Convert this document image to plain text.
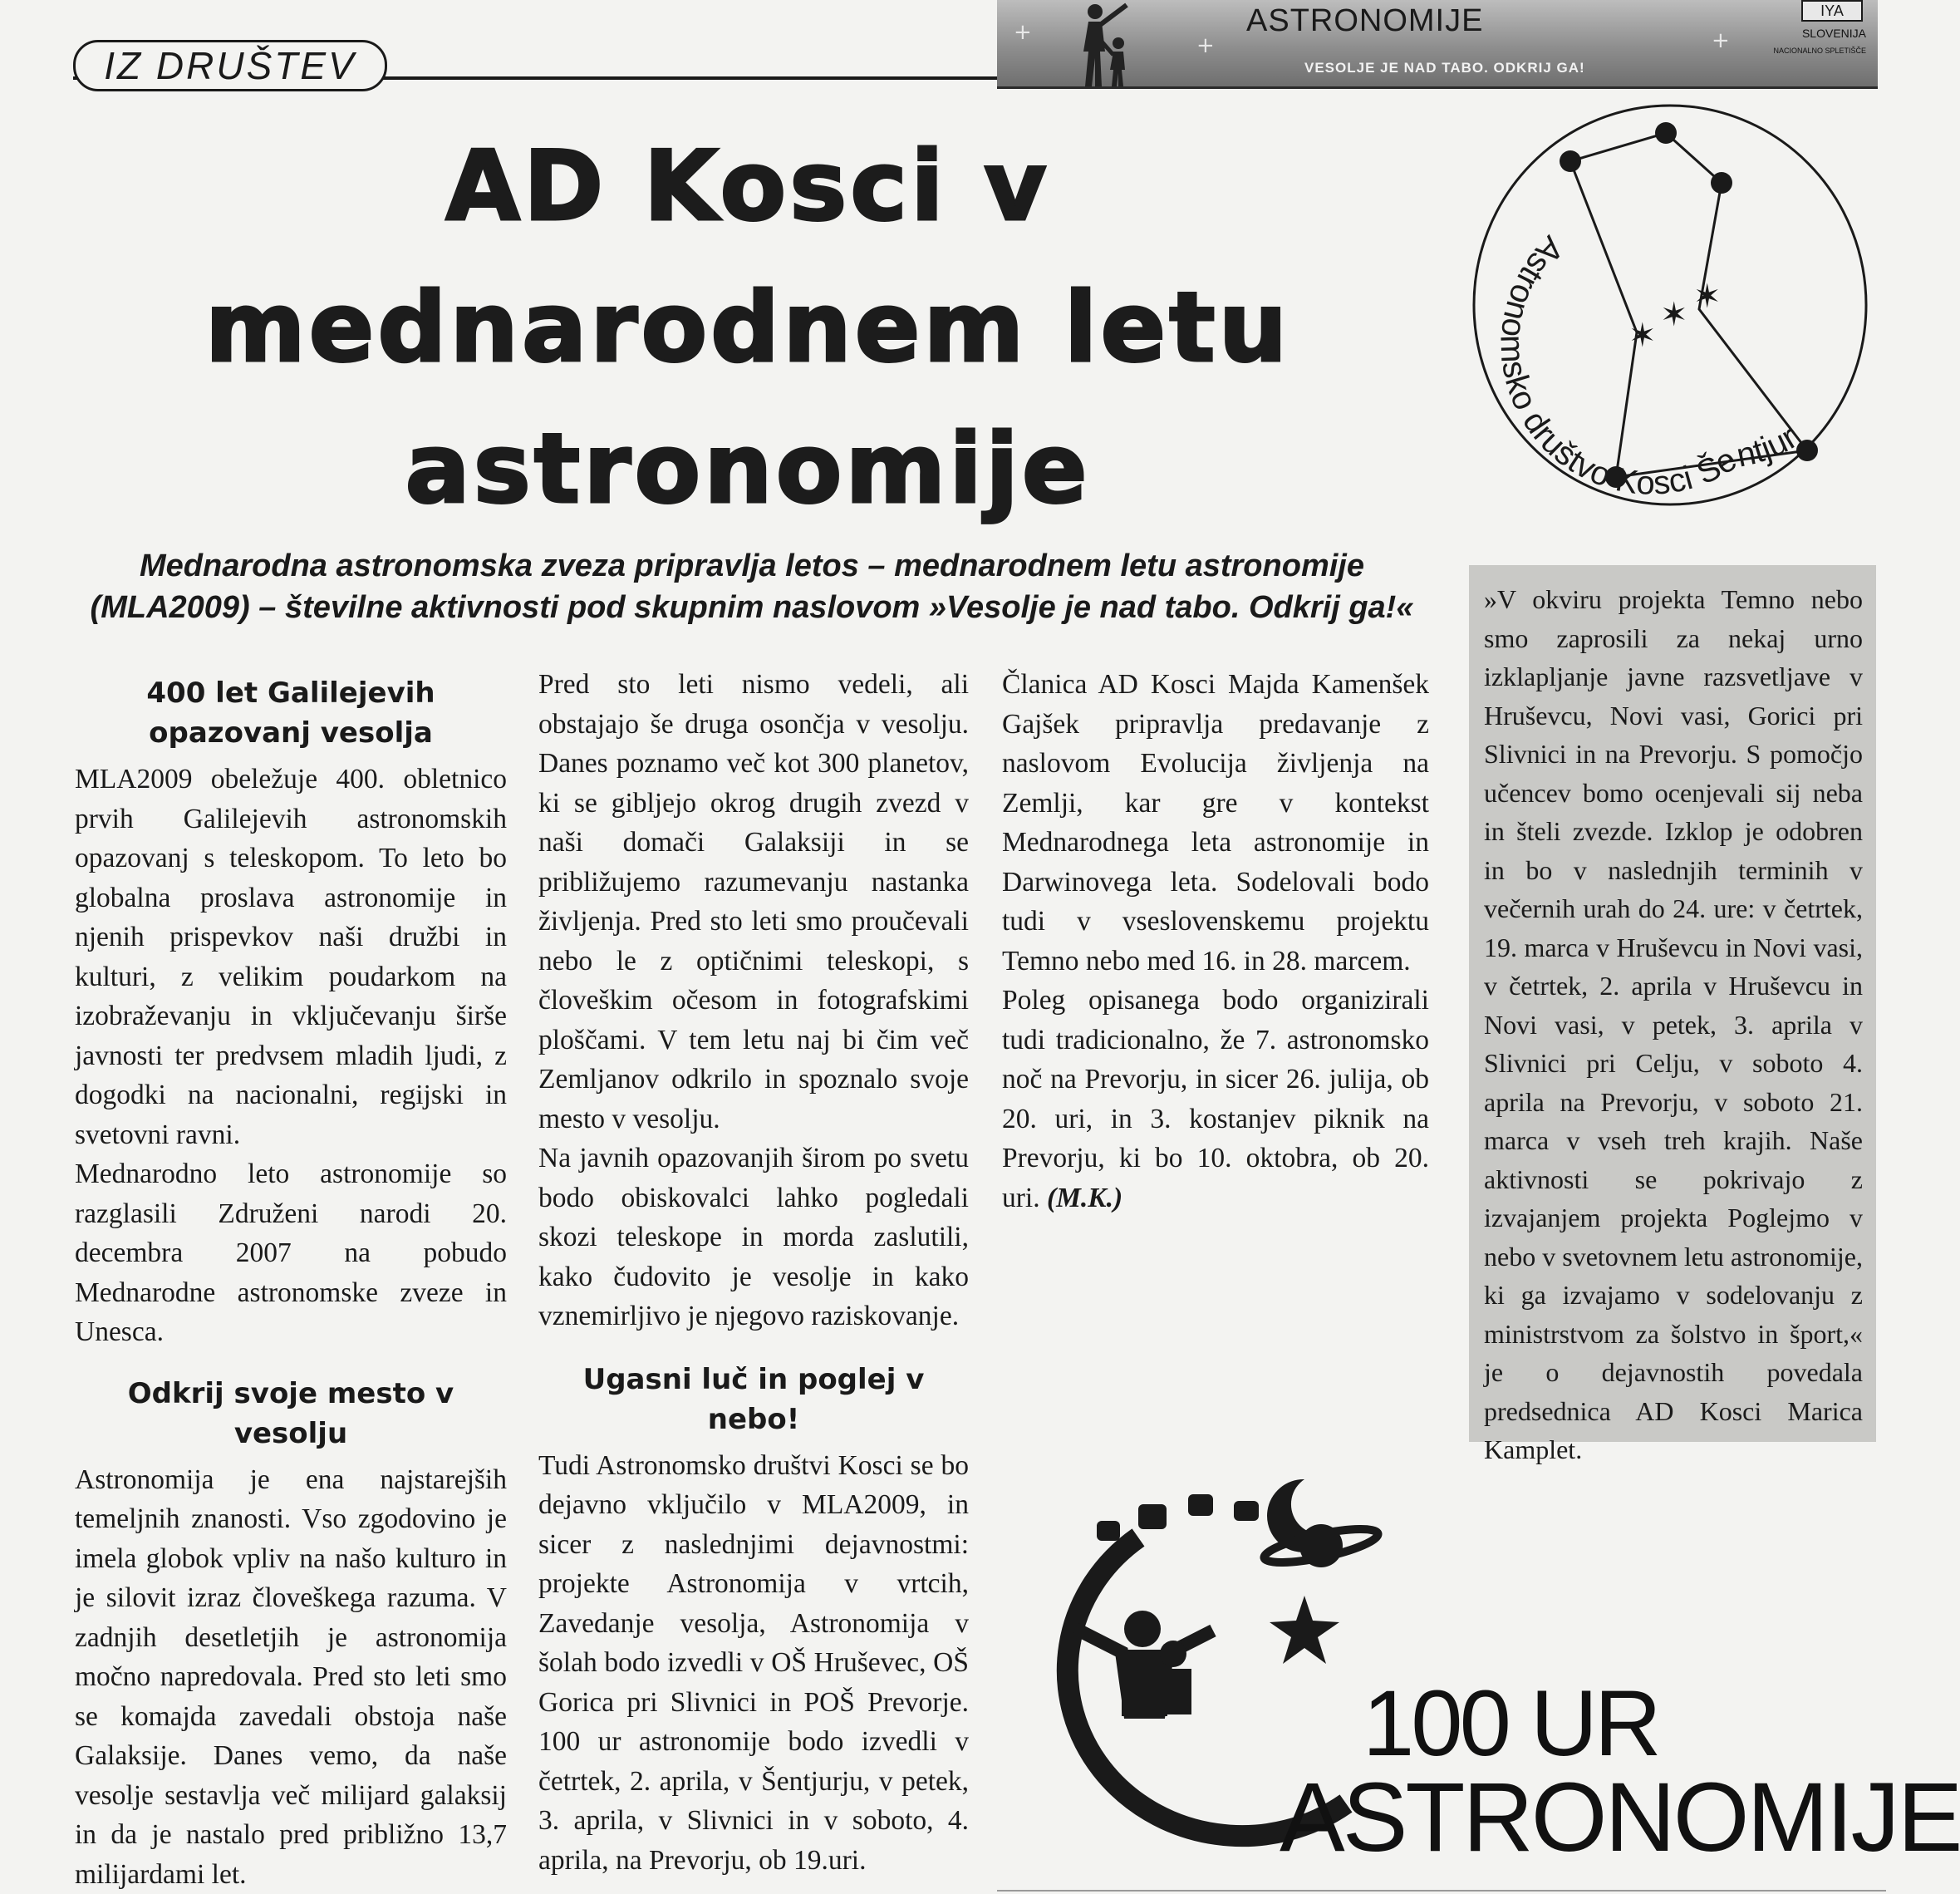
IZ DRUŠTEV
+
+	+
ASTRONOMIJE
VESOLJE JE NAD TABO. ODKRIJ GA!
IYA
SLOVENIJA
NACIONALNO SPLETIŠČE
AD Kosci v
mednarodnem letu
astronomije
✶
✶ ✶
Astronomsko društvo Kosci Šentjur

Mednarodna astronomska zveza pripravlja letos – mednarodnem letu astronomije (MLA2009) – številne aktivnosti pod skupnim naslovom »Vesolje je nad tabo. Odkrij ga!«

400 let Galilejevih opazovanj vesolja

MLA2009 obeležuje 400. obletnico prvih Galilejevih astronomskih opazovanj s teleskopom. To leto bo globalna proslava astronomije in njenih prispevkov naši družbi in kulturi, z velikim poudarkom na izobraževanju in vključevanju širše javnosti ter predvsem mladih ljudi, z dogodki na nacionalni, regijski in svetovni ravni.

Mednarodno leto astronomije so razglasili Združeni narodi 20. decembra 2007 na pobudo Mednarodne astronomske zveze in Unesca.

Odkrij svoje mesto v vesolju

Astronomija je ena najstarejših temeljnih znanosti. Vso zgodovino je imela globok vpliv na našo kulturo in je silovit izraz človeškega razuma. V zadnjih desetletjih je astronomija močno napredovala. Pred sto leti smo se komajda zavedali obstoja naše Galaksije. Danes vemo, da naše vesolje sestavlja več milijard galaksij in da je nastalo pred približno 13,7 milijardami let.

Pred sto leti nismo vedeli, ali obstajajo še druga osončja v vesolju. Danes poznamo več kot 300 planetov, ki se gibljejo okrog drugih zvezd v naši domači Galaksiji in se približujemo razumevanju nastanka življenja. Pred sto leti smo proučevali nebo le z optičnimi teleskopi, s človeškim očesom in fotografskimi ploščami. V tem letu naj bi čim več Zemljanov odkrilo in spoznalo svoje mesto v vesolju.

Na javnih opazovanjih širom po svetu bodo obiskovalci lahko pogledali skozi teleskope in morda zaslutili, kako čudovito je vesolje in kako vznemirljivo je njegovo raziskovanje.

Ugasni luč in poglej v nebo!

Tudi Astronomsko društvi Kosci se bo dejavno vključilo v MLA2009, in sicer z naslednjimi dejavnostmi: projekte Astronomija v vrtcih, Zavedanje vesolja, Astronomija v šolah bodo izvedli v OŠ Hruševec, OŠ Gorica pri Slivnici in POŠ Prevorje. 100 ur astronomije bodo izvedli v četrtek, 2. aprila, v Šentjurju, v petek, 3. aprila, v Slivnici in v soboto, 4. aprila, na Prevorju, ob 19.uri.

Članica AD Kosci Majda Kamenšek Gajšek pripravlja predavanje z naslovom Evolucija življenja na Zemlji, kar gre v kontekst Mednarodnega leta astronomije in Darwinovega leta. Sodelovali bodo tudi v vseslovenskemu projektu Temno nebo med 16. in 28. marcem.

Poleg opisanega bodo organizirali tudi tradicionalno, že 7. astronomsko noč na Prevorju, in sicer 26. julija, ob 20. uri, in 3. kostanjev piknik na Prevorju, ki bo 10. oktobra, ob 20. uri. (M.K.)

»V okviru projekta Temno nebo smo zaprosili za nekaj urno izklapljanje javne razsvetljave v Hruševcu, Novi vasi, Gorici pri Slivnici in na Prevorju. S pomočjo učencev bomo ocenjevali sij neba in šteli zvezde. Izklop je odobren in bo v naslednjih terminih v večernih urah do 24. ure: v četrtek, 19. marca v Hruševcu in Novi vasi, v četrtek, 2. aprila v Hruševcu in Novi vasi, v petek, 3. aprila v Slivnici pri Celju, v soboto 4. aprila na Prevorju, v soboto 21. marca v vseh treh krajih. Naše aktivnosti se pokrivajo z izvajanjem projekta Poglejmo v nebo v svetovnem letu astronomije, ki ga izvajamo v sodelovanju z ministrstvom za šolstvo in šport,« je o dejavnostih povedala predsednica AD Kosci Marica Kamplet.

100 UR
ASTRONOMIJE
